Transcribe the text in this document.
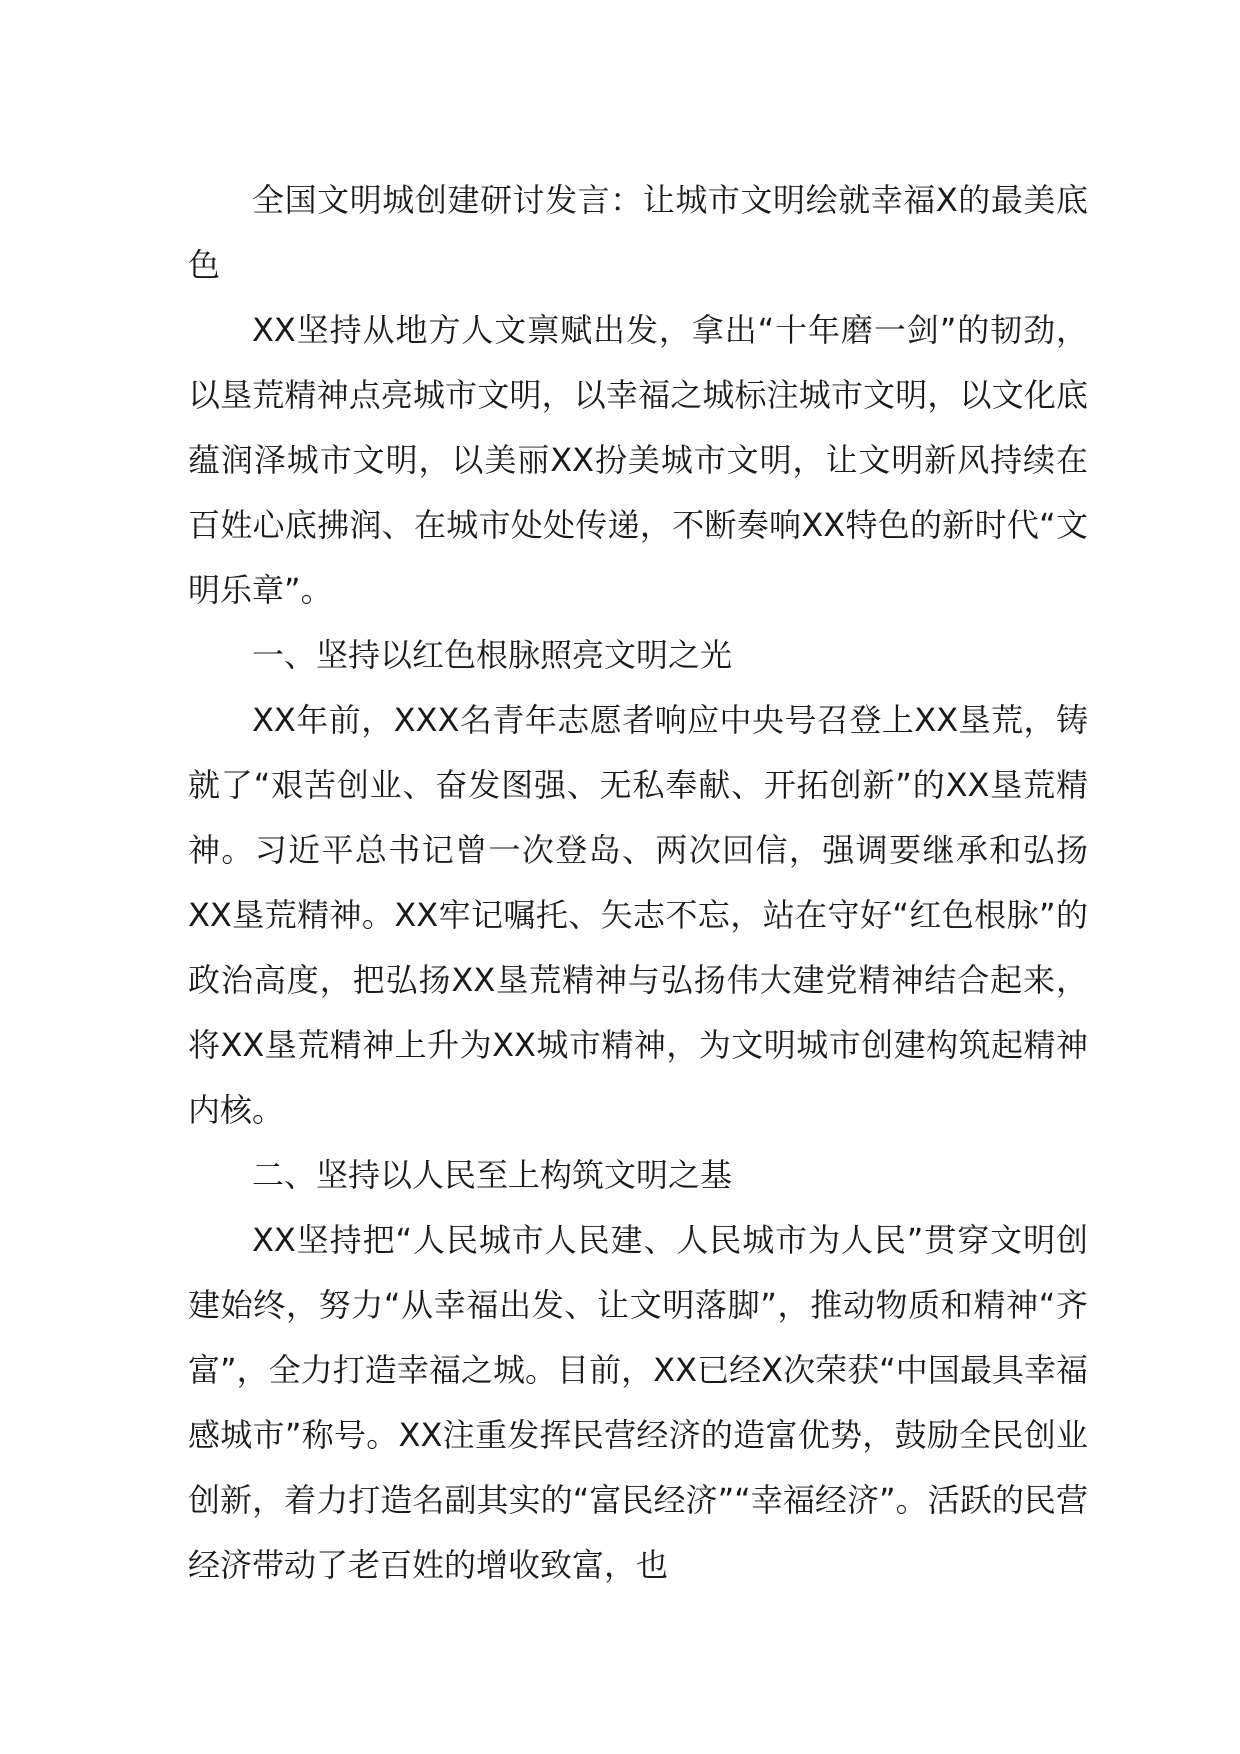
全国文明城创建研讨发言：让城市文明绘就幸福X的最美底色

XX坚持从地方人文禀赋出发，拿出“十年磨一剑”的韧劲，以垦荒精神点亮城市文明，以幸福之城标注城市文明，以文化底蕴润泽城市文明，以美丽XX扮美城市文明，让文明新风持续在百姓心底拂润、在城市处处传递，不断奏响XX特色的新时代“文明乐章”。

一、坚持以红色根脉照亮文明之光

XX年前，XXX名青年志愿者响应中央号召登上XX垦荒，铸就了“艰苦创业、奋发图强、无私奉献、开拓创新”的XX垦荒精神。习近平总书记曾一次登岛、两次回信，强调要继承和弘扬XX垦荒精神。XX牢记嘱托、矢志不忘，站在守好“红色根脉”的政治高度，把弘扬XX垦荒精神与弘扬伟大建党精神结合起来，将XX垦荒精神上升为XX城市精神，为文明城市创建构筑起精神内核。

二、坚持以人民至上构筑文明之基

XX坚持把“人民城市人民建、人民城市为人民”贯穿文明创建始终，努力“从幸福出发、让文明落脚”，推动物质和精神“齐富”，全力打造幸福之城。目前，XX已经X次荣获“中国最具幸福感城市”称号。XX注重发挥民营经济的造富优势，鼓励全民创业创新，着力打造名副其实的“富民经济”“幸福经济”。活跃的民营经济带动了老百姓的增收致富，也
